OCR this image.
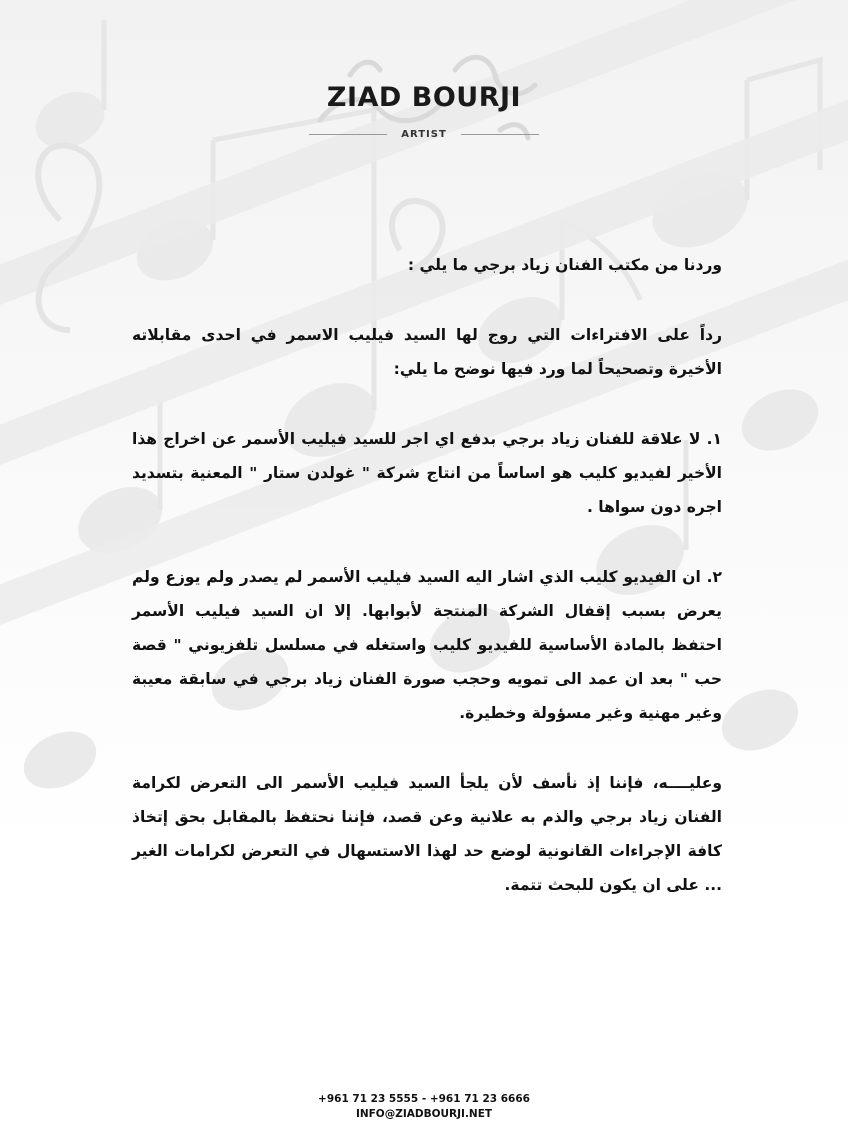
ZIAD BOURJI
ARTIST

وردنا من مكتب الفنان زياد برجي ما يلي :

رداً على الافتراءات التي روج لها السيد فيليب الاسمر في احدى مقابلاته الأخيرة وتصحيحاً لما ورد فيها نوضح ما يلي:

١. لا علاقة للفنان زياد برجي بدفع اي اجر للسيد فيليب الأسمر عن اخراج هذا الأخير لفيديو كليب هو اساساً من انتاج شركة " غولدن ستار " المعنية بتسديد اجره دون سواها .

٢. ان الفيديو كليب الذي اشار اليه السيد فيليب الأسمر لم يصدر ولم يوزع ولم يعرض بسبب إقفال الشركة المنتجة لأبوابها. إلا ان السيد فيليب الأسمر احتفظ بالمادة الأساسية للفيديو كليب واستغله في مسلسل تلفزيوني " قصة حب " بعد ان عمد الى تمويه وحجب صورة الفنان زياد برجي في سابقة معيبة وغير مهنية وغير مسؤولة وخطيرة.

وعليــــه، فإننا إذ نأسف لأن يلجأ السيد فيليب الأسمر الى التعرض لكرامة الفنان زياد برجي والذم به علانية وعن قصد، فإننا نحتفظ بالمقابل بحق إتخاذ كافة الإجراءات القانونية لوضع حد لهذا الاستسهال في التعرض لكرامات الغير ... على ان يكون للبحث تتمة.

+961 71 23 5555 - +961 71 23 6666
INFO@ZIADBOURJI.NET
